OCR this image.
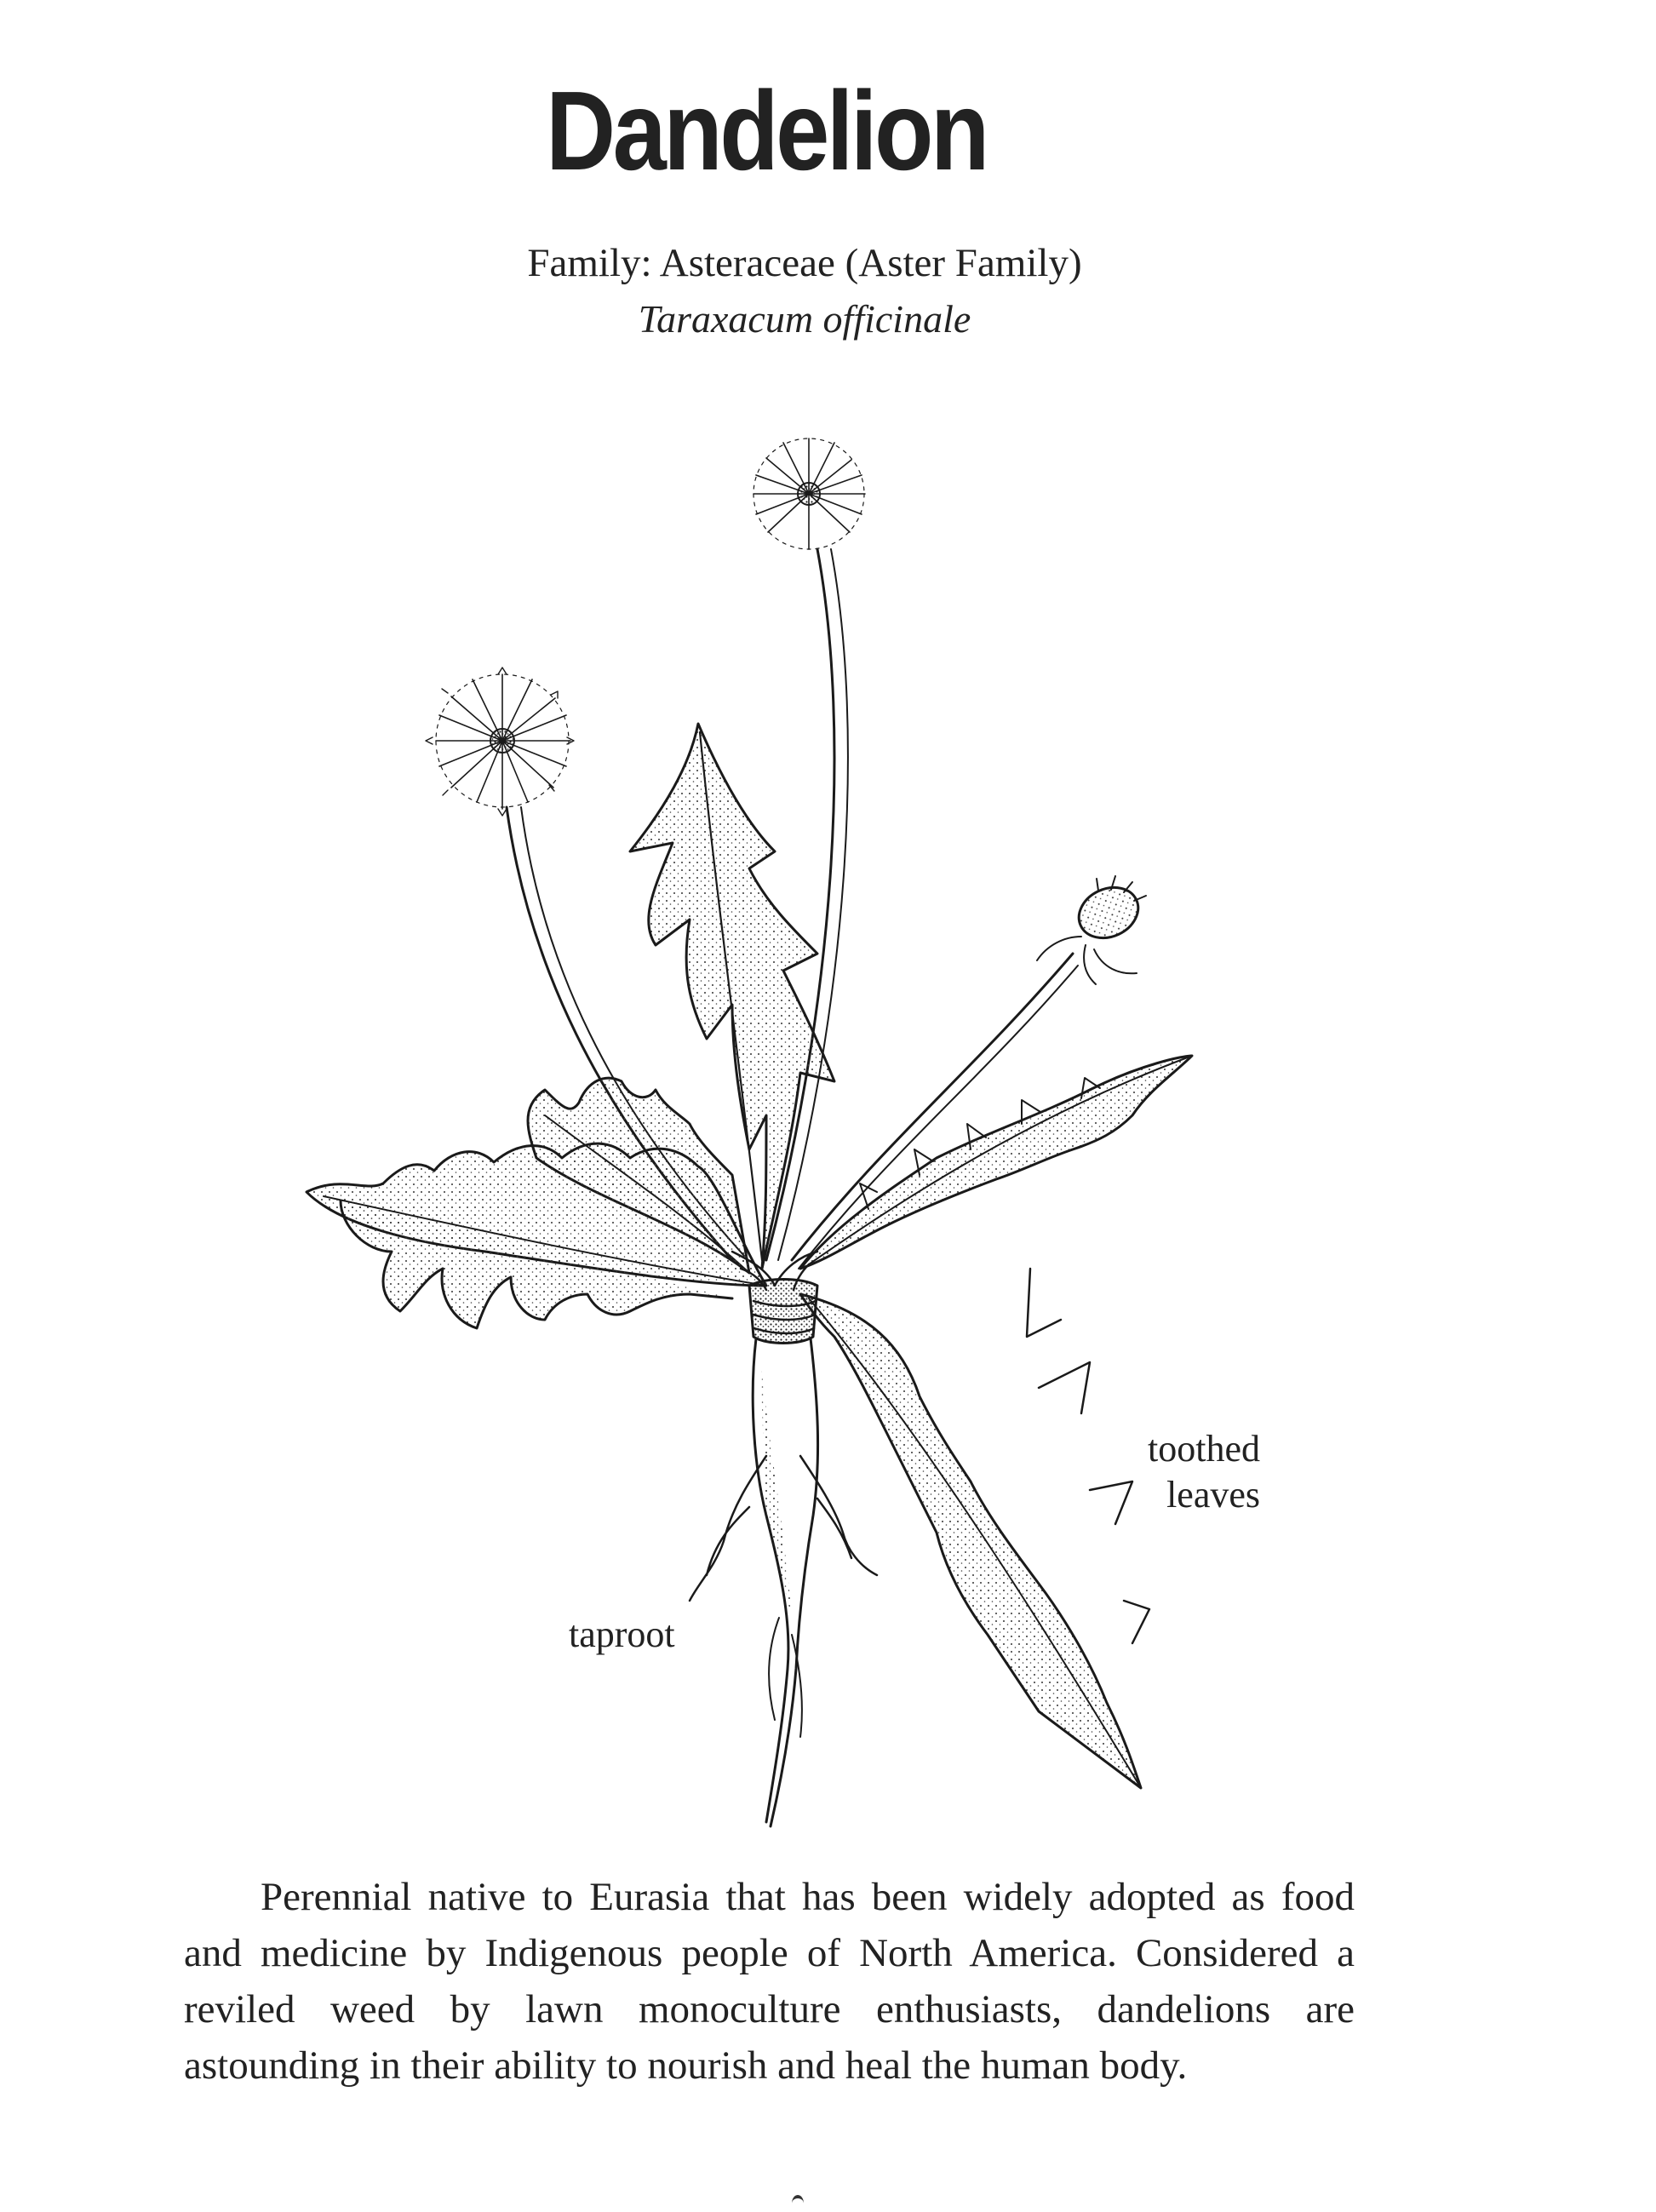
Dandelion
Family: Asteraceae (Aster Family)
Taraxacum officinale
toothed
leaves
taproot

Perennial native to Eurasia that has been widely adopted as food and medicine by Indigenous people of North America. Considered a reviled weed by lawn monoculture enthusiasts, dandelions are astounding in their ability to nourish and heal the human body.
